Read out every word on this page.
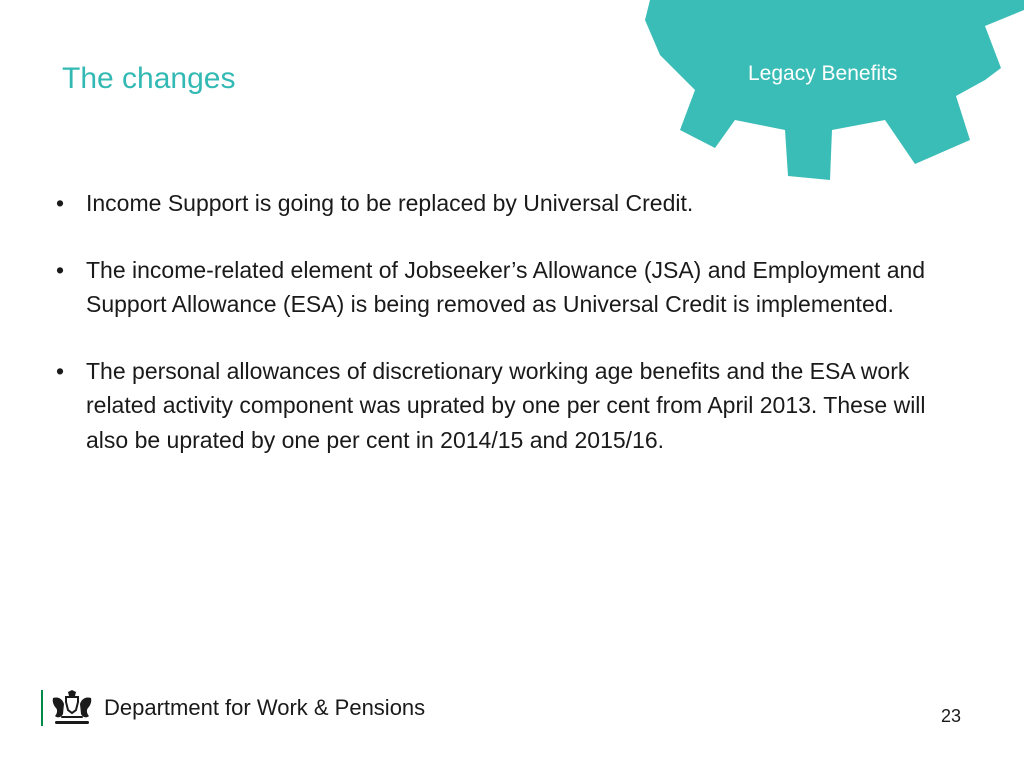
Legacy Benefits
The changes
• Income Support is going to be replaced by Universal Credit.
• The income-related element of Jobseeker’s Allowance (JSA) and Employment and Support Allowance (ESA) is being removed as Universal Credit is implemented.
• The personal allowances of discretionary working age benefits and the ESA work related activity component was uprated by one per cent from April 2013. These will also be uprated by one per cent in 2014/15 and 2015/16.
Department for Work & Pensions	23
